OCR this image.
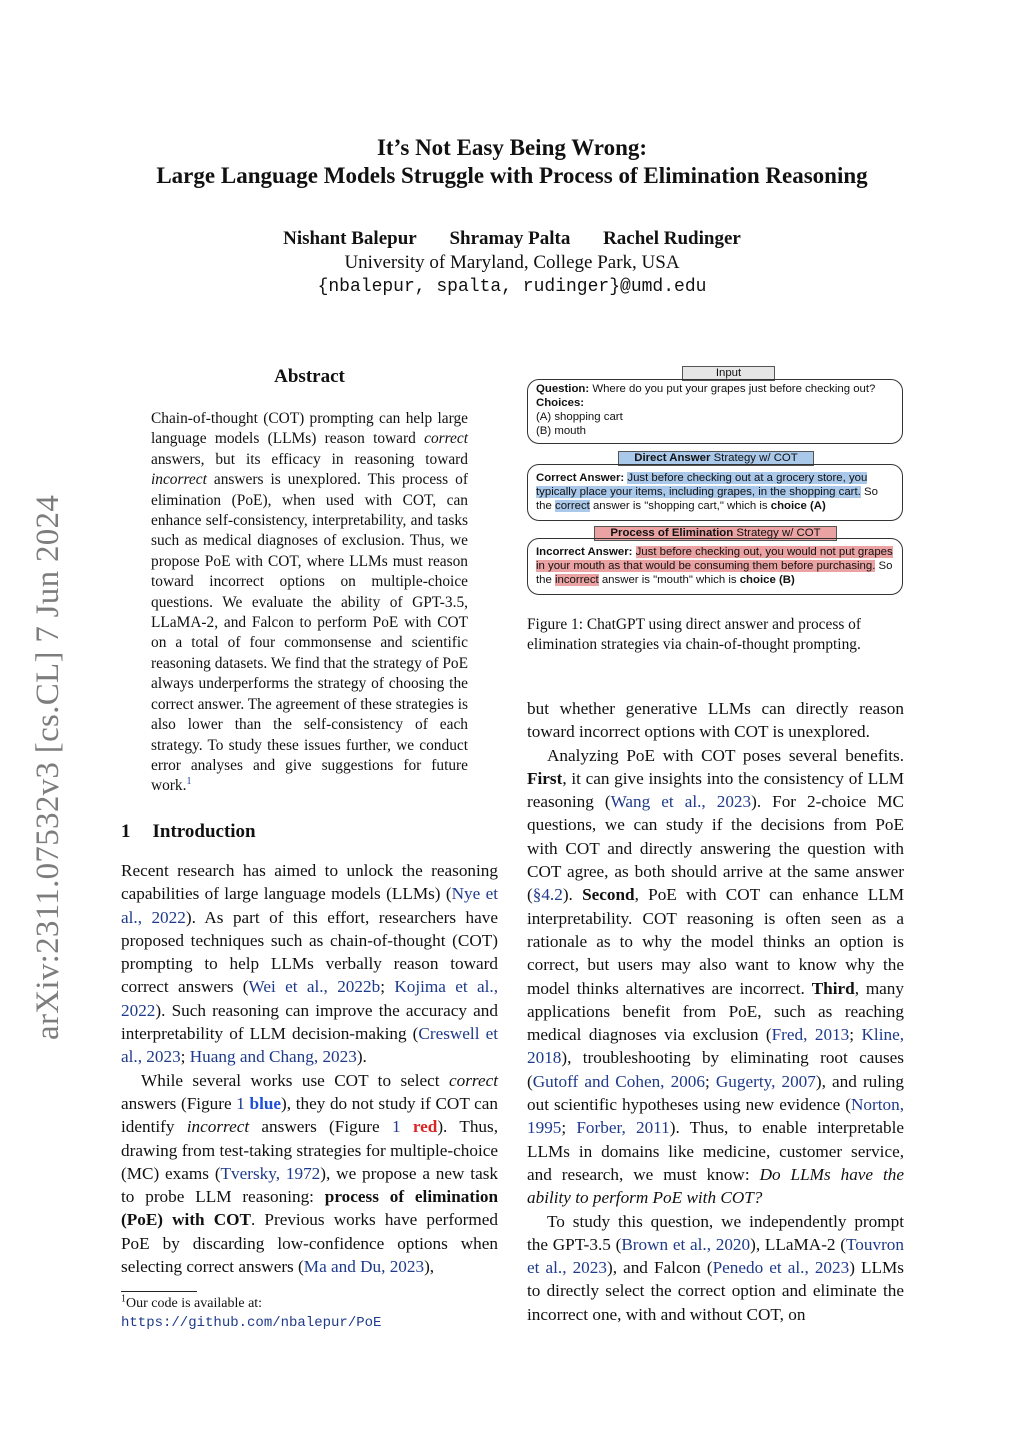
arXiv:2311.07532v3 [cs.CL] 7 Jun 2024
It’s Not Easy Being Wrong:
Large Language Models Struggle with Process of Elimination Reasoning
Nishant Balepur Shramay Palta Rachel Rudinger
University of Maryland, College Park, USA
{nbalepur, spalta, rudinger}@umd.edu
Abstract

Chain-of-thought (COT) prompting can help large language models (LLMs) reason toward correct answers, but its efficacy in reasoning toward incorrect answers is unexplored. This process of elimination (PoE), when used with COT, can enhance self-consistency, interpretability, and tasks such as medical diagnoses of exclusion. Thus, we propose PoE with COT, where LLMs must reason toward incorrect options on multiple-choice questions. We evaluate the ability of GPT-3.5, LLaMA-2, and Falcon to perform PoE with COT on a total of four commonsense and scientific reasoning datasets. We find that the strategy of PoE always underperforms the strategy of choosing the correct answer. The agreement of these strategies is also lower than the self-consistency of each strategy. To study these issues further, we conduct error analyses and give suggestions for future work.$^1$

1 Introduction

Recent research has aimed to unlock the reasoning capabilities of large language models (LLMs) (Nye et al., 2022). As part of this effort, researchers have proposed techniques such as chain-of-thought (COT) prompting to help LLMs verbally reason toward correct answers (Wei et al., 2022b; Kojima et al., 2022). Such reasoning can improve the accuracy and interpretability of LLM decision-making (Creswell et al., 2023; Huang and Chang, 2023).

While several works use COT to select correct answers (Figure 1 blue), they do not study if COT can identify incorrect answers (Figure 1 red). Thus, drawing from test-taking strategies for multiple-choice (MC) exams (Tversky, 1972), we propose a new task to probe LLM reasoning: process of elimination (PoE) with COT. Previous works have performed PoE by discarding low-confidence options when selecting correct answers (Ma and Du, 2023),

$^1$Our code is available at: https://github.com/nbalepur/PoE
Input
Question: Where do you put your grapes just before checking out?
Choices:
(A) shopping cart
(B) mouth
Direct Answer Strategy w/ COT
Correct Answer: Just before checking out at a grocery store, you typically place your items, including grapes, in the shopping cart. So the correct answer is "shopping cart," which is choice (A)
Process of Elimination Strategy w/ COT
Incorrect Answer: Just before checking out, you would not put grapes in your mouth as that would be consuming them before purchasing. So the incorrect answer is "mouth" which is choice (B)
Figure 1: ChatGPT using direct answer and process of elimination strategies via chain-of-thought prompting.

but whether generative LLMs can directly reason toward incorrect options with COT is unexplored.

Analyzing PoE with COT poses several benefits. First, it can give insights into the consistency of LLM reasoning (Wang et al., 2023). For 2-choice MC questions, we can study if the decisions from PoE with COT and directly answering the question with COT agree, as both should arrive at the same answer (§4.2). Second, PoE with COT can enhance LLM interpretability. COT reasoning is often seen as a rationale as to why the model thinks an option is correct, but users may also want to know why the model thinks alternatives are incorrect. Third, many applications benefit from PoE, such as reaching medical diagnoses via exclusion (Fred, 2013; Kline, 2018), troubleshooting by eliminating root causes (Gutoff and Cohen, 2006; Gugerty, 2007), and ruling out scientific hypotheses using new evidence (Norton, 1995; Forber, 2011). Thus, to enable interpretable LLMs in domains like medicine, customer service, and research, we must know: Do LLMs have the ability to perform PoE with COT?

To study this question, we independently prompt the GPT-3.5 (Brown et al., 2020), LLaMA-2 (Touvron et al., 2023), and Falcon (Penedo et al., 2023) LLMs to directly select the correct option and eliminate the incorrect one, with and without COT, on
